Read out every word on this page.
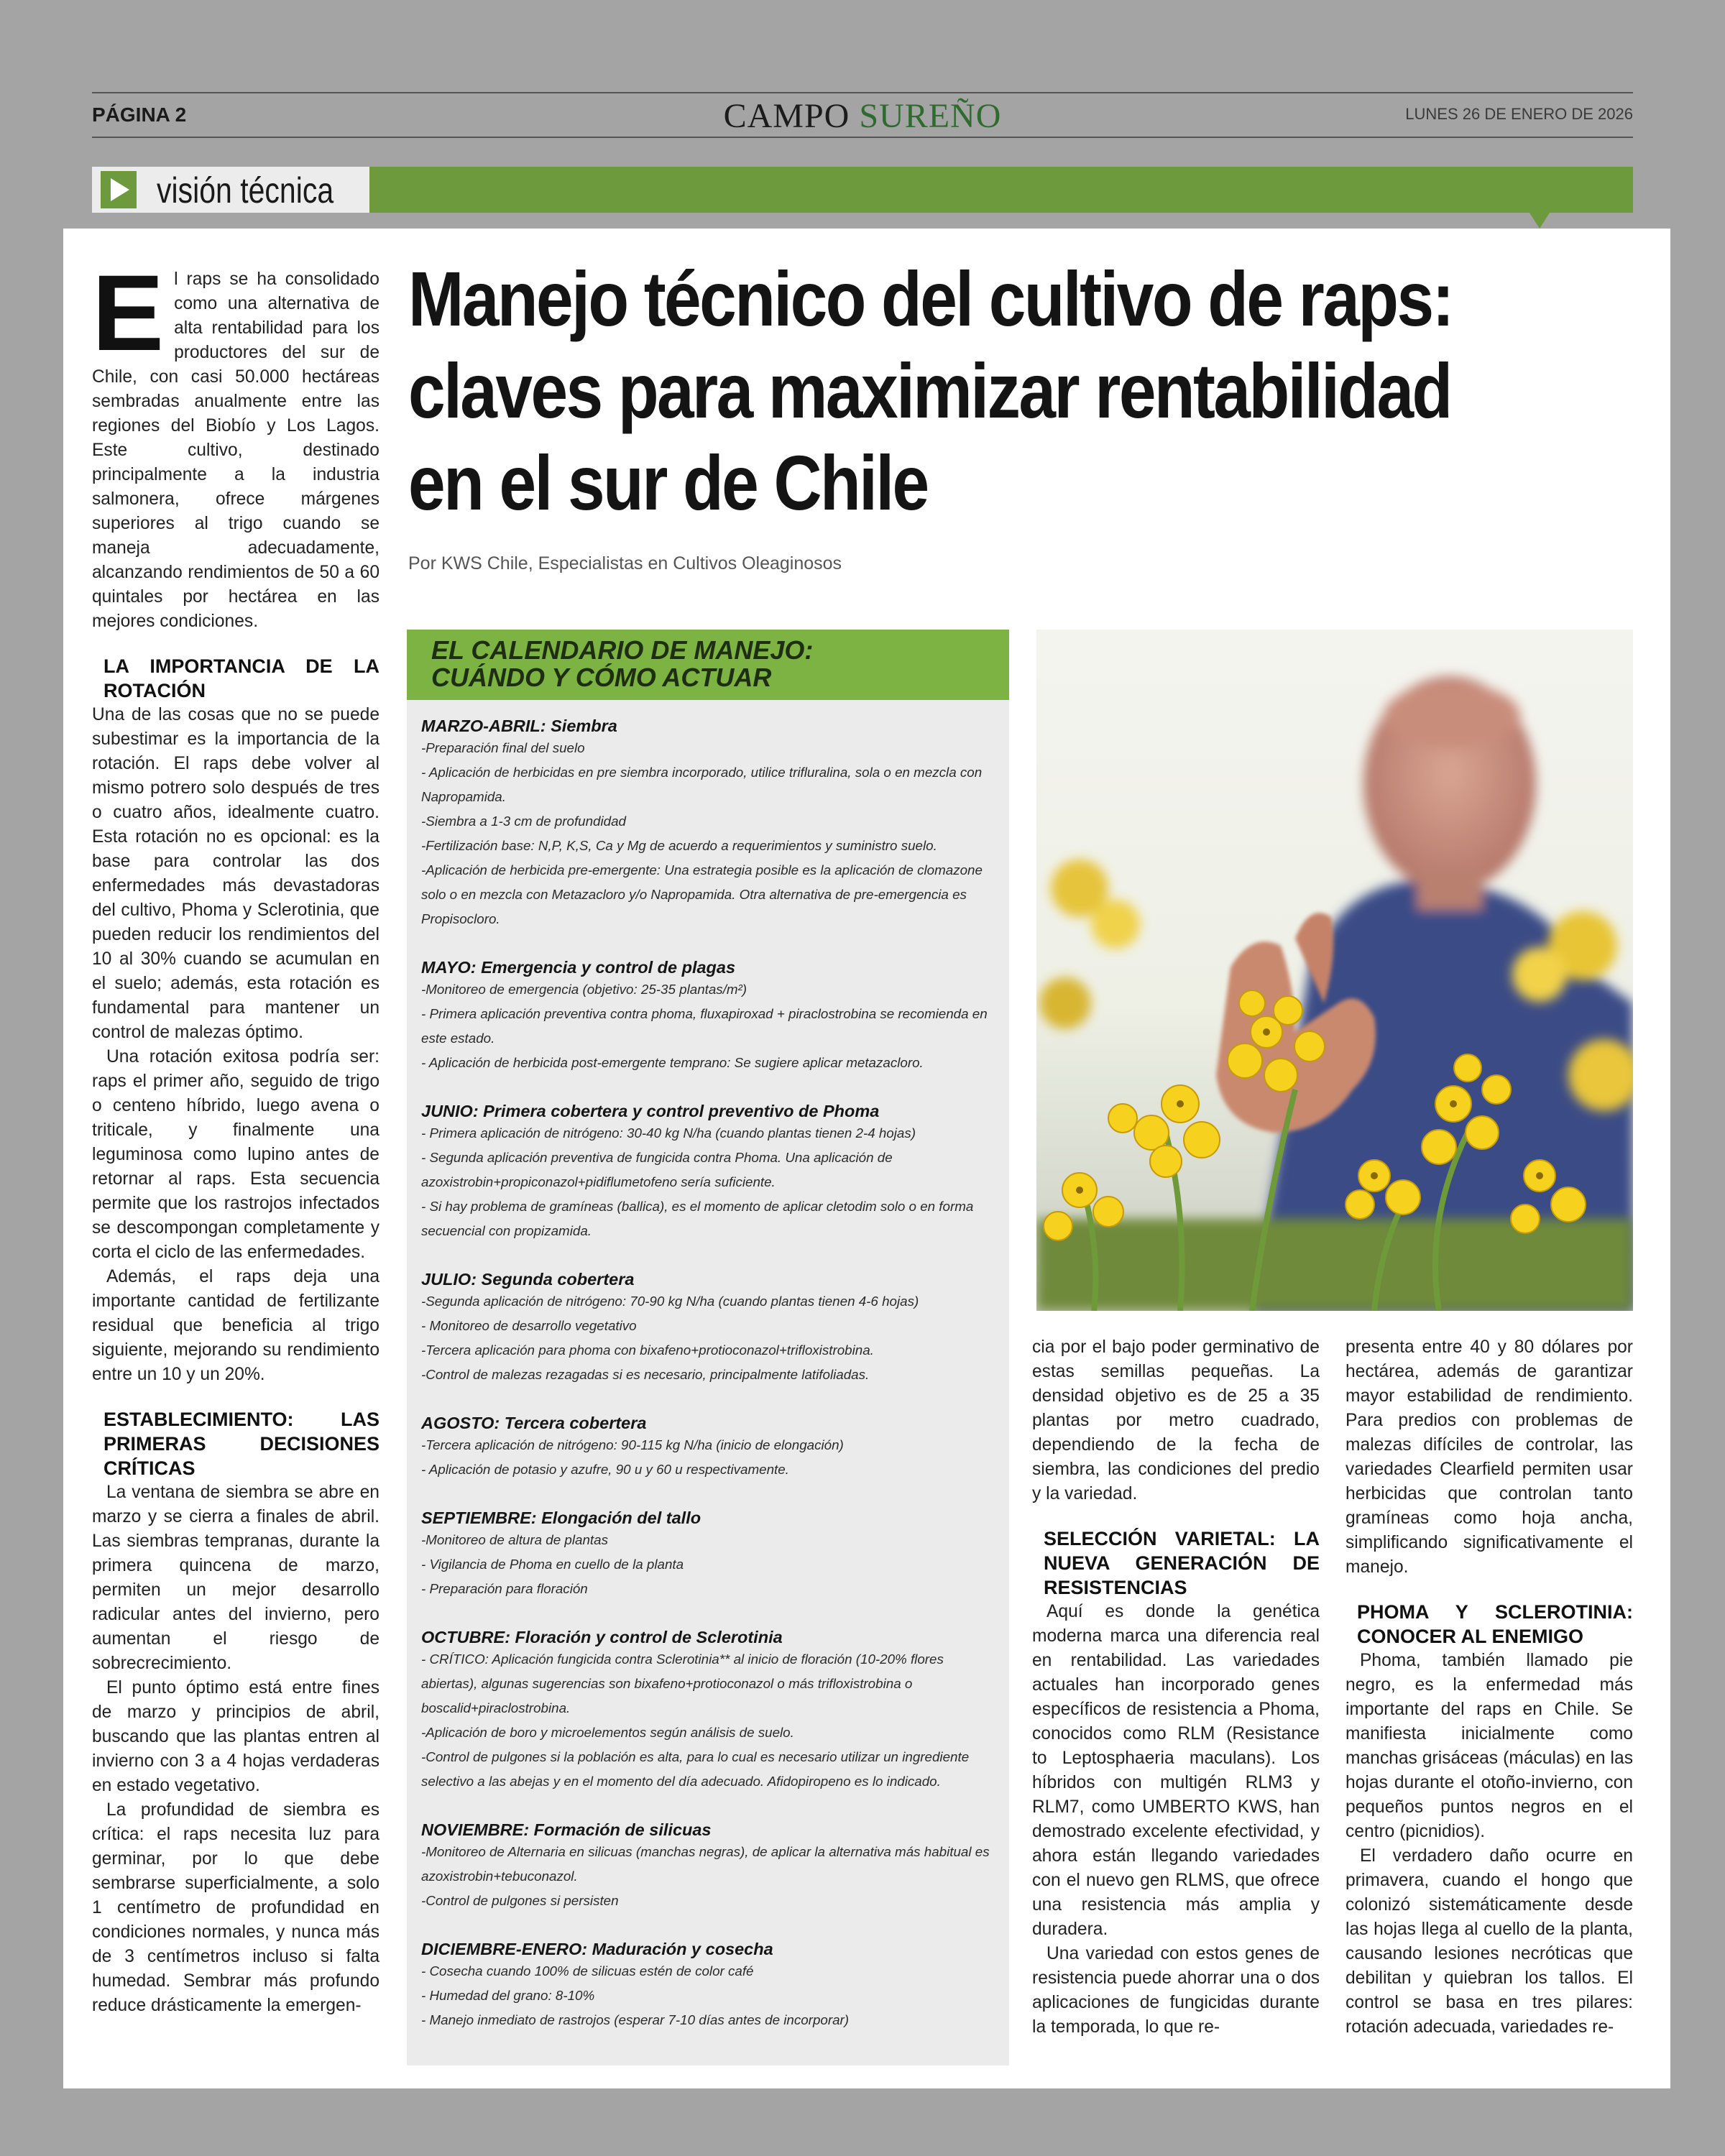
PÁGINA 2	CAMPO SUREÑO	LUNES 26 DE ENERO DE 2026
visión técnica
Manejo técnico del cultivo de raps: claves para maximizar rentabilidad en el sur de Chile
Por KWS Chile, Especialistas en Cultivos Oleaginosos

El raps se ha consolidado como una alternativa de alta rentabilidad para los productores del sur de Chile, con casi 50.000 hectáreas sembradas anualmente entre las regiones del Biobío y Los Lagos. Este cultivo, destinado principalmente a la industria salmonera, ofrece márgenes superiores al trigo cuando se maneja adecuadamente, alcanzando rendimientos de 50 a 60 quintales por hectárea en las mejores condiciones.

LA IMPORTANCIA DE LA ROTACIÓN

Una de las cosas que no se puede subestimar es la importancia de la rotación. El raps debe volver al mismo potrero solo después de tres o cuatro años, idealmente cuatro. Esta rotación no es opcional: es la base para controlar las dos enfermedades más devastadoras del cultivo, Phoma y Sclerotinia, que pueden reducir los rendimientos del 10 al 30% cuando se acumulan en el suelo; además, esta rotación es fundamental para mantener un control de malezas óptimo.

Una rotación exitosa podría ser: raps el primer año, seguido de trigo o centeno híbrido, luego avena o triticale, y finalmente una leguminosa como lupino antes de retornar al raps. Esta secuencia permite que los rastrojos infectados se descompongan completamente y corta el ciclo de las enfermedades.

Además, el raps deja una importante cantidad de fertilizante residual que beneficia al trigo siguiente, mejorando su rendimiento entre un 10 y un 20%.

ESTABLECIMIENTO: LAS PRIMERAS DECISIONES CRÍTICAS

La ventana de siembra se abre en marzo y se cierra a finales de abril. Las siembras tempranas, durante la primera quincena de marzo, permiten un mejor desarrollo radicular antes del invierno, pero aumentan el riesgo de sobrecrecimiento.

El punto óptimo está entre fines de marzo y principios de abril, buscando que las plantas entren al invierno con 3 a 4 hojas verdaderas en estado vegetativo.

La profundidad de siembra es crítica: el raps necesita luz para germinar, por lo que debe sembrarse superficialmente, a solo 1 centímetro de profundidad en condiciones normales, y nunca más de 3 centímetros incluso si falta humedad. Sembrar más profundo reduce drásticamente la emergen-

EL CALENDARIO DE MANEJO:
CUÁNDO Y CÓMO ACTUAR
MARZO-ABRIL: Siembra
-Preparación final del suelo
- Aplicación de herbicidas en pre siembra incorporado, utilice trifluralina, sola o en mezcla con Napropamida.
-Siembra a 1-3 cm de profundidad
-Fertilización base: N,P, K,S, Ca y Mg de acuerdo a requerimientos y suministro suelo.
-Aplicación de herbicida pre-emergente: Una estrategia posible es la aplicación de clomazone solo o en mezcla con Metazacloro y/o Napropamida. Otra alternativa de pre-emergencia es Propisocloro.
MAYO: Emergencia y control de plagas
-Monitoreo de emergencia (objetivo: 25-35 plantas/m²)
- Primera aplicación preventiva contra phoma, fluxapiroxad + piraclostrobina se recomienda en este estado.
- Aplicación de herbicida post-emergente temprano: Se sugiere aplicar metazacloro.
JUNIO: Primera cobertera y control preventivo de Phoma
- Primera aplicación de nitrógeno: 30-40 kg N/ha (cuando plantas tienen 2-4 hojas)
- Segunda aplicación preventiva de fungicida contra Phoma. Una aplicación de azoxistrobin+propiconazol+pidiflumetofeno sería suficiente.
- Si hay problema de gramíneas (ballica), es el momento de aplicar cletodim solo o en forma secuencial con propizamida.
JULIO: Segunda cobertera
-Segunda aplicación de nitrógeno: 70-90 kg N/ha (cuando plantas tienen 4-6 hojas)
- Monitoreo de desarrollo vegetativo
-Tercera aplicación para phoma con bixafeno+protioconazol+trifloxistrobina.
-Control de malezas rezagadas si es necesario, principalmente latifoliadas.
AGOSTO: Tercera cobertera
-Tercera aplicación de nitrógeno: 90-115 kg N/ha (inicio de elongación)
- Aplicación de potasio y azufre, 90 u y 60 u respectivamente.
SEPTIEMBRE: Elongación del tallo
-Monitoreo de altura de plantas
- Vigilancia de Phoma en cuello de la planta
- Preparación para floración
OCTUBRE: Floración y control de Sclerotinia
- CRÍTICO: Aplicación fungicida contra Sclerotinia** al inicio de floración (10-20% flores abiertas), algunas sugerencias son bixafeno+protioconazol o más trifloxistrobina o boscalid+piraclostrobina.
-Aplicación de boro y microelementos según análisis de suelo.
-Control de pulgones si la población es alta, para lo cual es necesario utilizar un ingrediente selectivo a las abejas y en el momento del día adecuado. Afidopiropeno es lo indicado.
NOVIEMBRE: Formación de silicuas
-Monitoreo de Alternaria en silicuas (manchas negras), de aplicar la alternativa más habitual es azoxistrobin+tebuconazol.
-Control de pulgones si persisten
DICIEMBRE-ENERO: Maduración y cosecha
- Cosecha cuando 100% de silicuas estén de color café
- Humedad del grano: 8-10%
- Manejo inmediato de rastrojos (esperar 7-10 días antes de incorporar)

cia por el bajo poder germinativo de estas semillas pequeñas. La densidad objetivo es de 25 a 35 plantas por metro cuadrado, dependiendo de la fecha de siembra, las condiciones del predio y la variedad.

SELECCIÓN VARIETAL: LA NUEVA GENERACIÓN DE RESISTENCIAS

Aquí es donde la genética moderna marca una diferencia real en rentabilidad. Las variedades actuales han incorporado genes específicos de resistencia a Phoma, conocidos como RLM (Resistance to Leptosphaeria maculans). Los híbridos con multigén RLM3 y RLM7, como UMBERTO KWS, han demostrado excelente efectividad, y ahora están llegando variedades con el nuevo gen RLMS, que ofrece una resistencia más amplia y duradera.

Una variedad con estos genes de resistencia puede ahorrar una o dos aplicaciones de fungicidas durante la temporada, lo que re-

presenta entre 40 y 80 dólares por hectárea, además de garantizar mayor estabilidad de rendimiento. Para predios con problemas de malezas difíciles de controlar, las variedades Clearfield permiten usar herbicidas que controlan tanto gramíneas como hoja ancha, simplificando significativamente el manejo.

PHOMA Y SCLEROTINIA: CONOCER AL ENEMIGO

Phoma, también llamado pie negro, es la enfermedad más importante del raps en Chile. Se manifiesta inicialmente como manchas grisáceas (máculas) en las hojas durante el otoño-invierno, con pequeños puntos negros en el centro (picnidios).

El verdadero daño ocurre en primavera, cuando el hongo que colonizó sistemáticamente desde las hojas llega al cuello de la planta, causando lesiones necróticas que debilitan y quiebran los tallos. El control se basa en tres pilares: rotación adecuada, variedades re-
